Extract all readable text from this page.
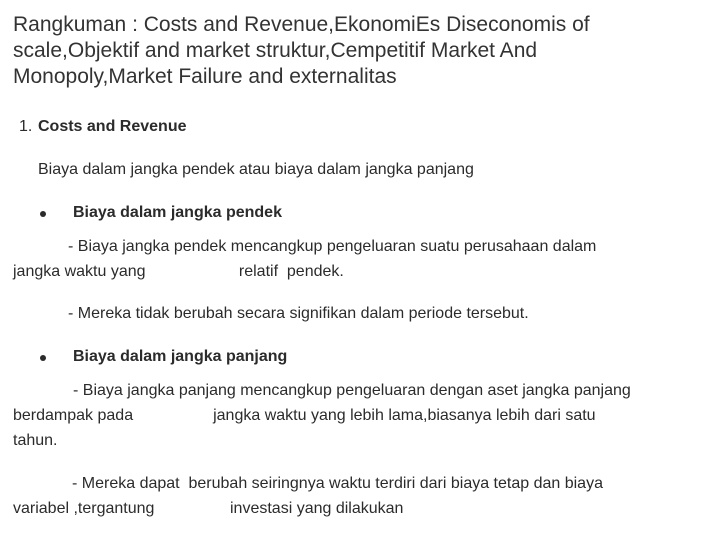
Rangkuman : Costs and Revenue,EkonomiEs Diseconomis of
scale,Objektif and market struktur,Cempetitif Market And
Monopoly,Market Failure and externalitas
1. Costs and Revenue
Biaya dalam jangka pendek atau biaya dalam jangka panjang
Biaya dalam jangka pendek
- Biaya jangka pendek mencangkup pengeluaran suatu perusahaan dalam
jangka waktu yang                     relatif  pendek.
- Mereka tidak berubah secara signifikan dalam periode tersebut.
Biaya dalam jangka panjang
- Biaya jangka panjang mencangkup pengeluaran dengan aset jangka panjang
berdampak pada                  jangka waktu yang lebih lama,biasanya lebih dari satu
tahun.
- Mereka dapat  berubah seiringnya waktu terdiri dari biaya tetap dan biaya
variabel ,tergantung                 investasi yang dilakukan
